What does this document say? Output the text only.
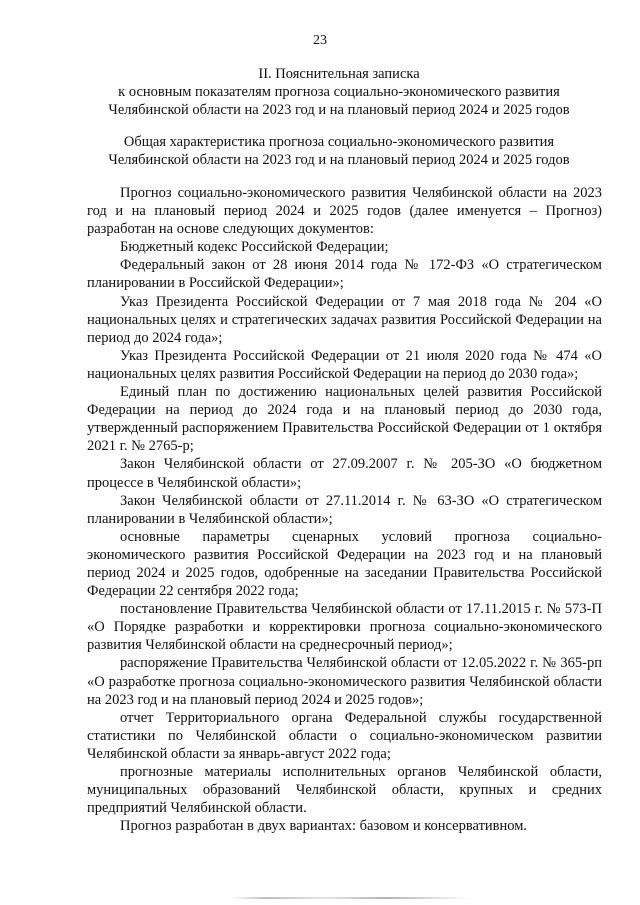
23
II. Пояснительная записка
к основным показателям прогноза социально-экономического развития
Челябинской области на 2023 год и на плановый период 2024 и 2025 годов
Общая характеристика прогноза социально-экономического развития
Челябинской области на 2023 год и на плановый период 2024 и 2025 годов

Прогноз социально-экономического развития Челябинской области на 2023 год и на плановый период 2024 и 2025 годов (далее именуется – Прогноз) разработан на основе следующих документов:

Бюджетный кодекс Российской Федерации;

Федеральный закон от 28 июня 2014 года № 172-ФЗ «О стратегическом планировании в Российской Федерации»;

Указ Президента Российской Федерации от 7 мая 2018 года № 204 «О национальных целях и стратегических задачах развития Российской Федерации на период до 2024 года»;

Указ Президента Российской Федерации от 21 июля 2020 года № 474 «О национальных целях развития Российской Федерации на период до 2030 года»;

Единый план по достижению национальных целей развития Российской Федерации на период до 2024 года и на плановый период до 2030 года, утвержденный распоряжением Правительства Российской Федерации от 1 октября 2021 г. № 2765-р;

Закон Челябинской области от 27.09.2007 г. № 205-ЗО «О бюджетном процессе в Челябинской области»;

Закон Челябинской области от 27.11.2014 г. № 63-ЗО «О стратегическом планировании в Челябинской области»;

основные параметры сценарных условий прогноза социально-экономического развития Российской Федерации на 2023 год и на плановый период 2024 и 2025 годов, одобренные на заседании Правительства Российской Федерации 22 сентября 2022 года;

постановление Правительства Челябинской области от 17.11.2015 г. № 573-П «О Порядке разработки и корректировки прогноза социально-экономического развития Челябинской области на среднесрочный период»;

распоряжение Правительства Челябинской области от 12.05.2022 г. № 365-рп «О разработке прогноза социально-экономического развития Челябинской области на 2023 год и на плановый период 2024 и 2025 годов»;

отчет Территориального органа Федеральной службы государственной статистики по Челябинской области о социально-экономическом развитии Челябинской области за январь-август 2022 года;

прогнозные материалы исполнительных органов Челябинской области, муниципальных образований Челябинской области, крупных и средних предприятий Челябинской области.

Прогноз разработан в двух вариантах: базовом и консервативном.
